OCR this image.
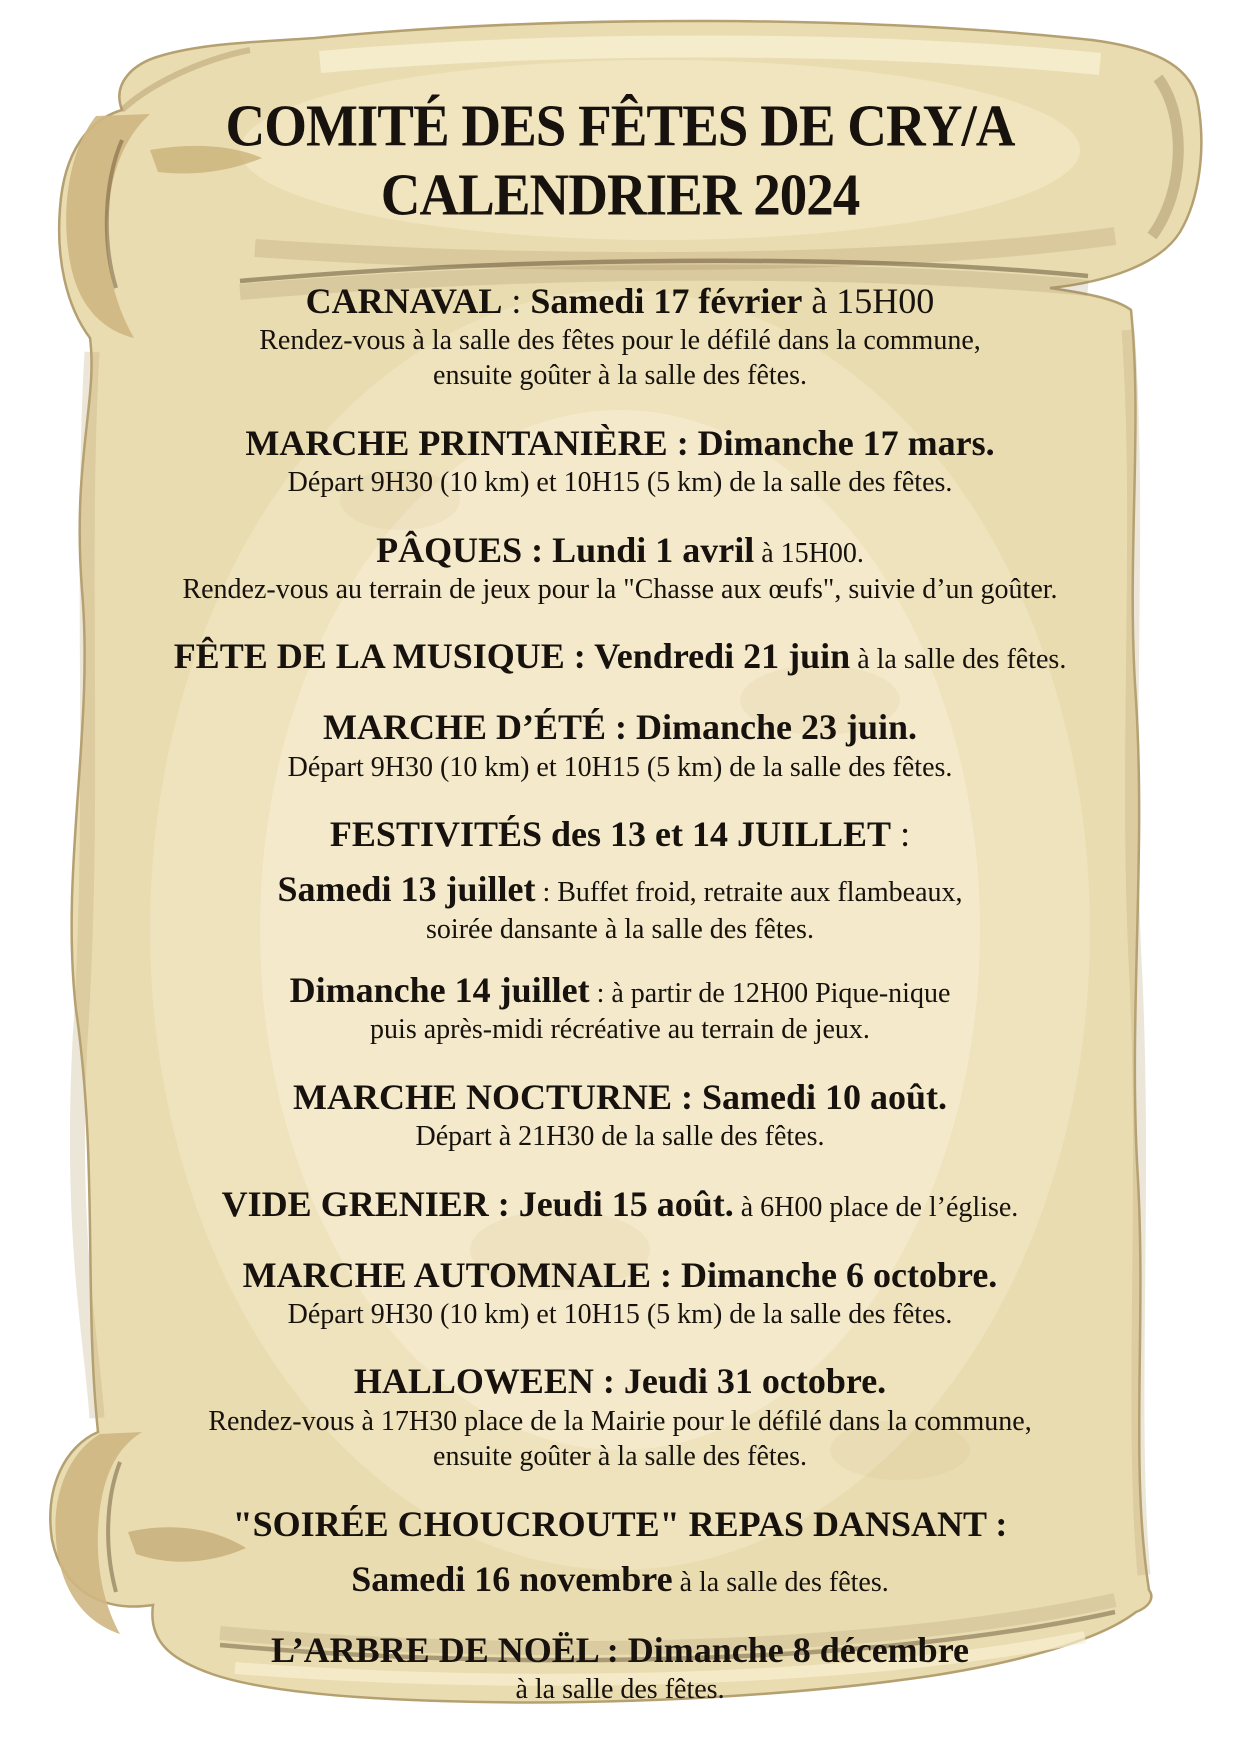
COMITÉ DES FÊTES DE CRY/A
CALENDRIER 2024

CARNAVAL : Samedi 17 février à 15H00

Rendez-vous à la salle des fêtes pour le défilé dans la commune,

ensuite goûter à la salle des fêtes.

MARCHE PRINTANIÈRE : Dimanche 17 mars.

Départ 9H30 (10 km) et 10H15 (5 km) de la salle des fêtes.

PÂQUES : Lundi 1 avril à 15H00.

Rendez-vous au terrain de jeux pour la "Chasse aux œufs", suivie d’un goûter.

FÊTE DE LA MUSIQUE : Vendredi 21 juin à la salle des fêtes.

MARCHE D’ÉTÉ : Dimanche 23 juin.

Départ 9H30 (10 km) et 10H15 (5 km) de la salle des fêtes.

FESTIVITÉS des 13 et 14 JUILLET :

Samedi 13 juillet : Buffet froid, retraite aux flambeaux,

soirée dansante à la salle des fêtes.

Dimanche 14 juillet : à partir de 12H00 Pique-nique

puis après-midi récréative au terrain de jeux.

MARCHE NOCTURNE : Samedi 10 août.

Départ à 21H30 de la salle des fêtes.

VIDE GRENIER : Jeudi 15 août. à 6H00 place de l’église.

MARCHE AUTOMNALE : Dimanche 6 octobre.

Départ 9H30 (10 km) et 10H15 (5 km) de la salle des fêtes.

HALLOWEEN : Jeudi 31 octobre.

Rendez-vous à 17H30 place de la Mairie pour le défilé dans la commune,

ensuite goûter à la salle des fêtes.

"SOIRÉE CHOUCROUTE" REPAS DANSANT :

Samedi 16 novembre à la salle des fêtes.

L’ARBRE DE NOËL : Dimanche 8 décembre

à la salle des fêtes.
